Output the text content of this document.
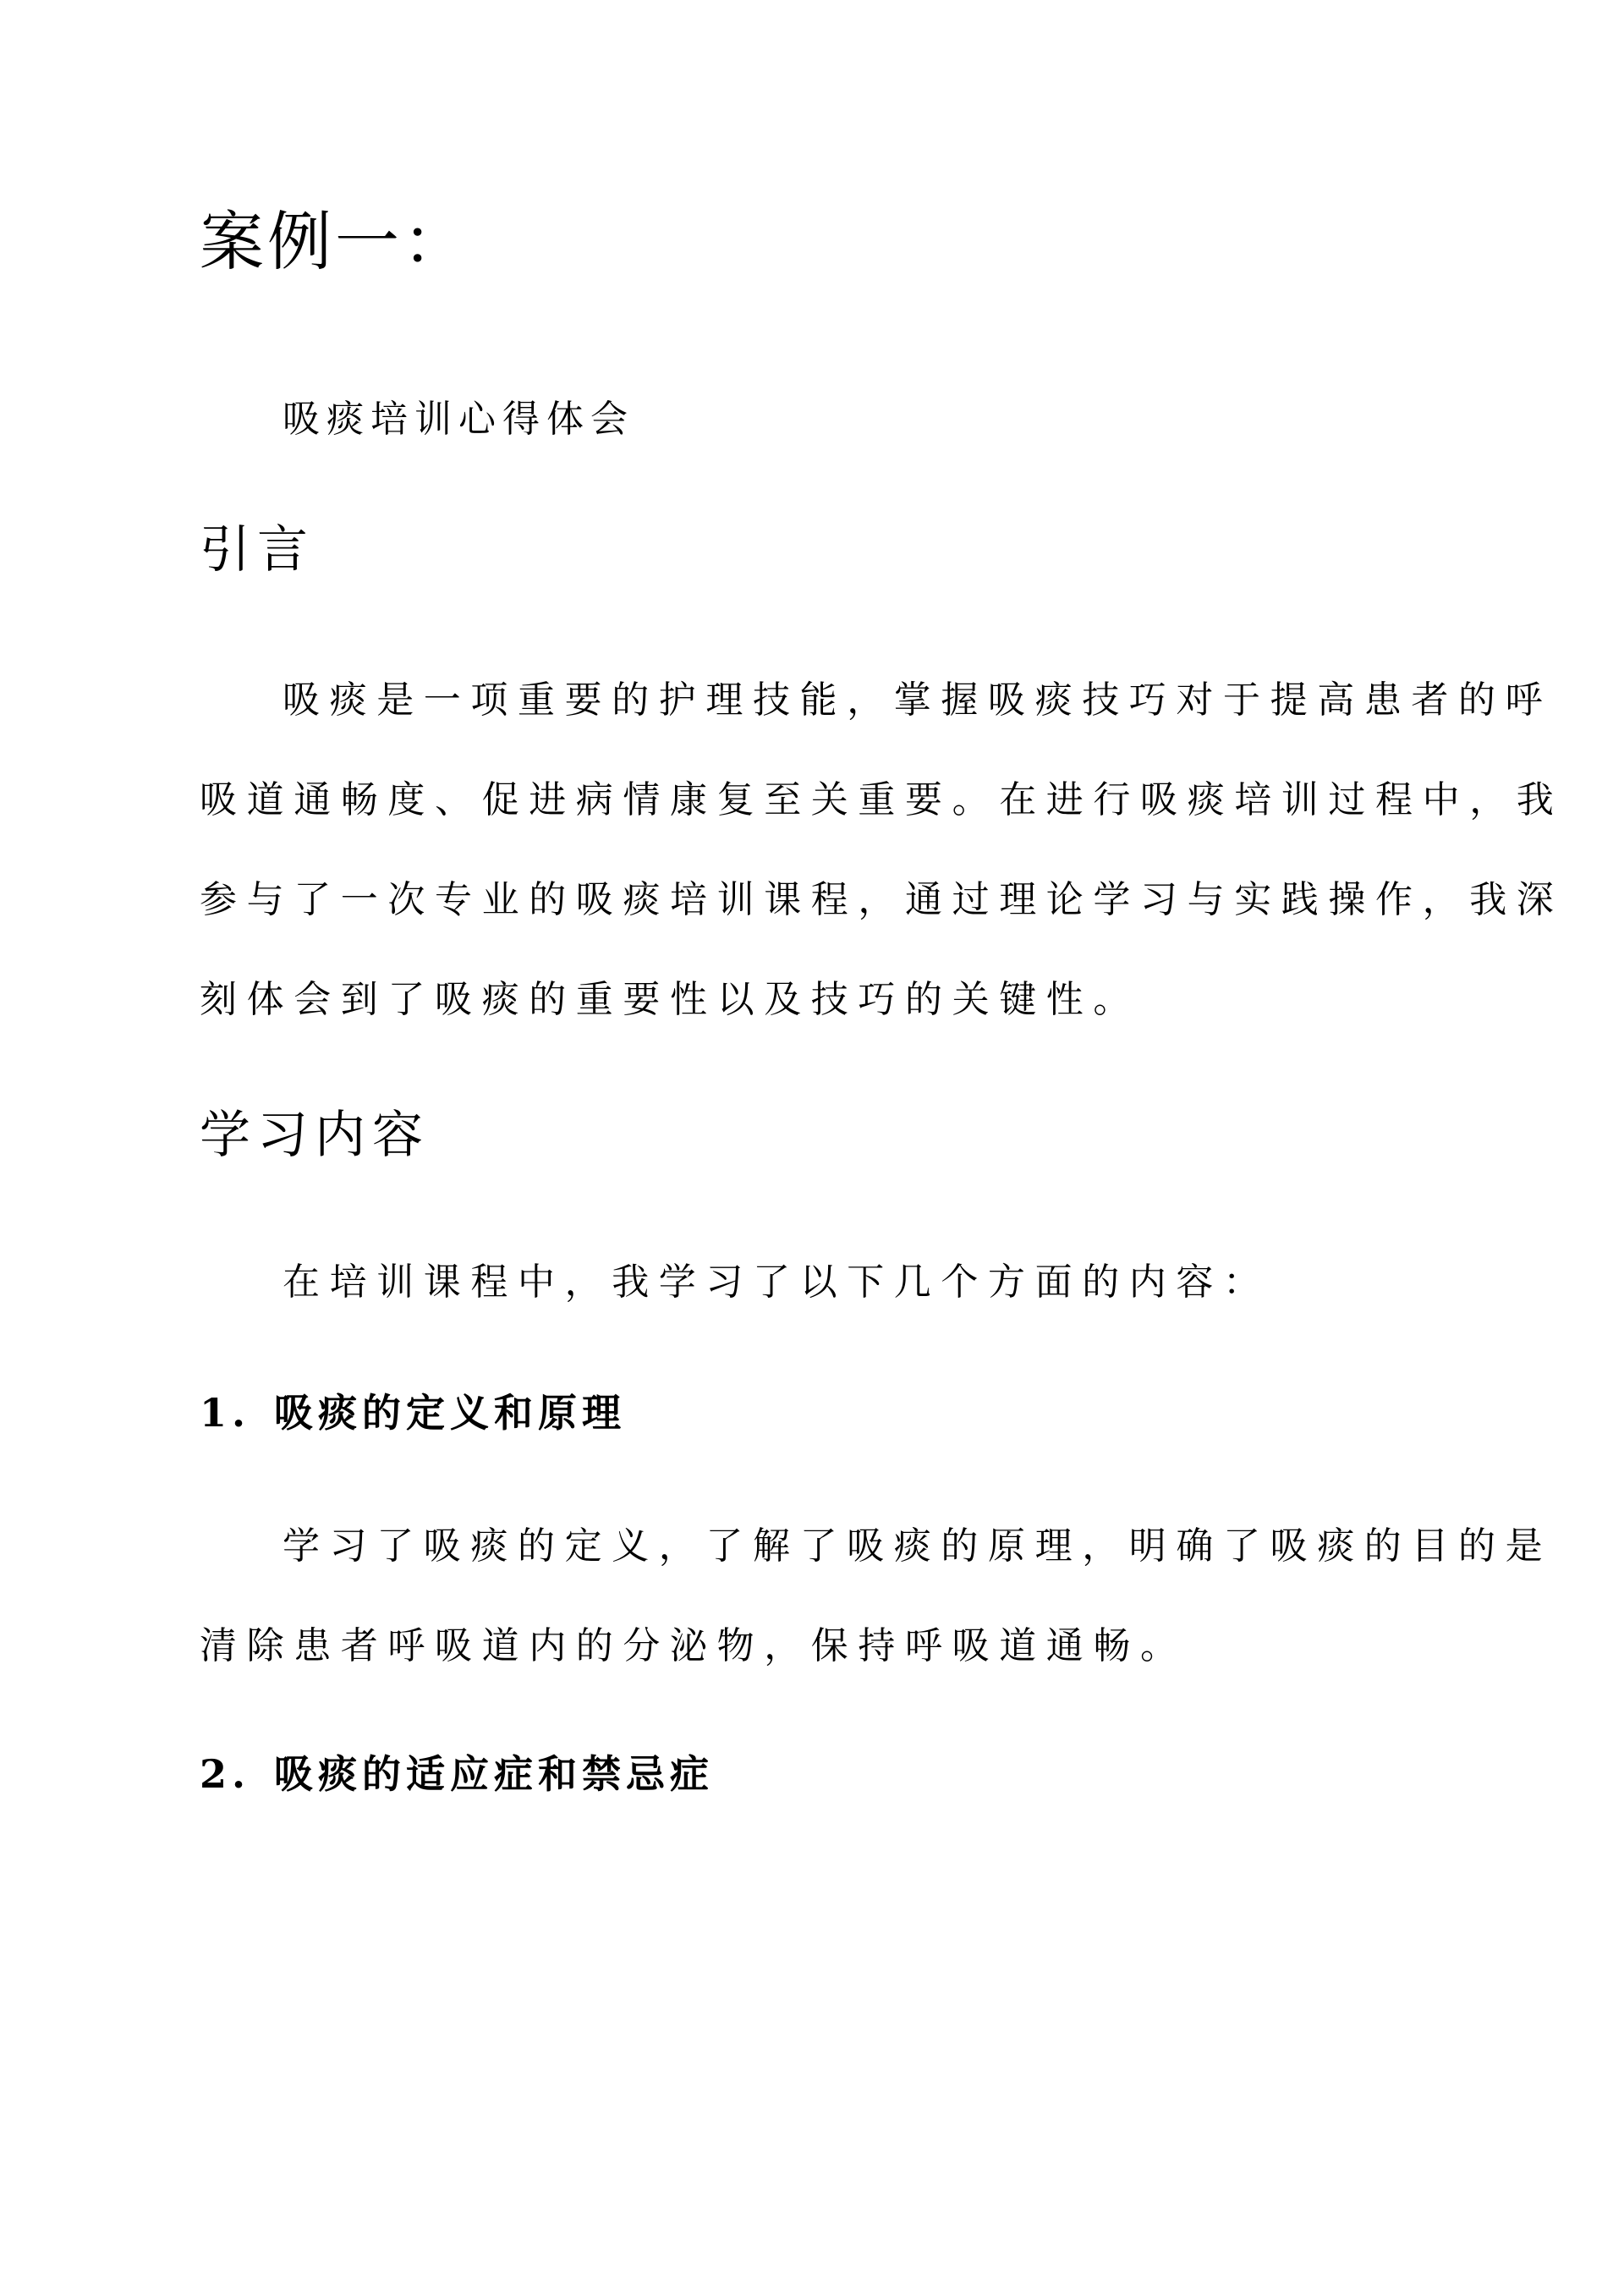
案例一：

吸痰培训心得体会

引言

吸痰是一项重要的护理技能，掌握吸痰技巧对于提高患者的呼

吸道通畅度、促进病情康复至关重要。在进行吸痰培训过程中，我

参与了一次专业的吸痰培训课程，通过理论学习与实践操作，我深

刻体会到了吸痰的重要性以及技巧的关键性。

学习内容

在培训课程中，我学习了以下几个方面的内容：

1. 吸痰的定义和原理

学习了吸痰的定义，了解了吸痰的原理，明确了吸痰的目的是

清除患者呼吸道内的分泌物，保持呼吸道通畅。

2. 吸痰的适应症和禁忌症
